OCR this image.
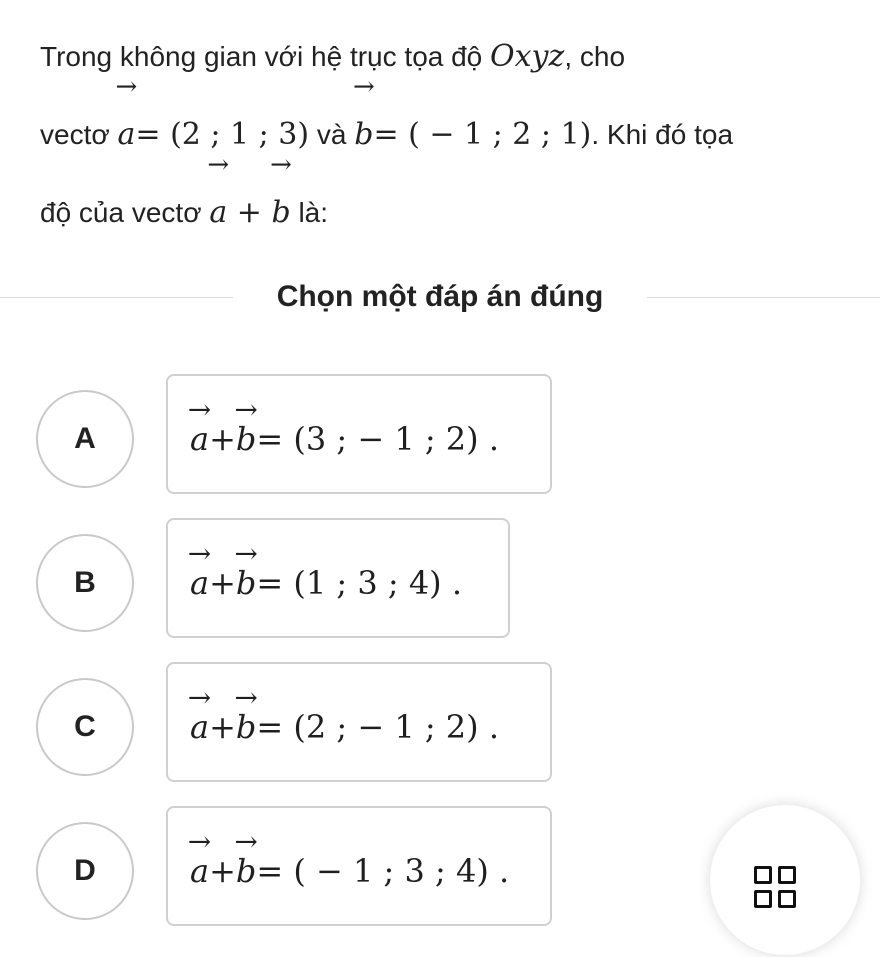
Trong không gian với hệ trục tọa độ Oxyz, cho
vectơ
→
a= (2 ; 1 ; 3) và
→
b= ( − 1 ; 2 ; 1). Khi đó tọa
độ của vectơ
→
a +
→
b là:
Chọn một đáp án đúng
A
→
a +
→
b = (3 ; − 1 ; 2) .
B
→
a +
→
b = (1 ; 3 ; 4) .
C
→
a +
→
b = (2 ; − 1 ; 2) .
D
→
a +
→
b = ( − 1 ; 3 ; 4) .
